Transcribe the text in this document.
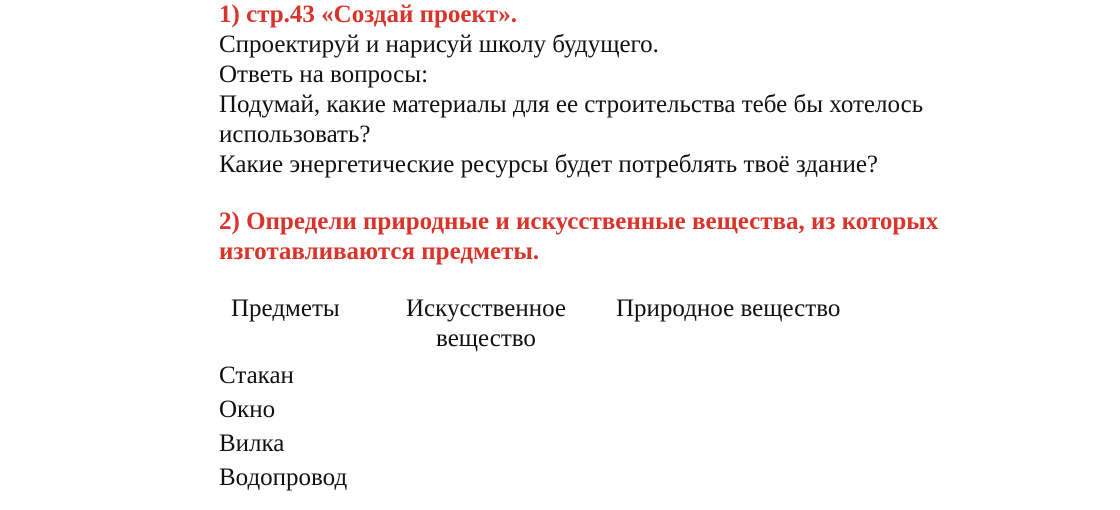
1) стр.43 «Создай проект».

Спроектируй и нарисуй школу будущего.

Ответь на вопросы:

Подумай, какие материалы для ее строительства тебе бы хотелось

использовать?

Какие энергетические ресурсы будет потреблять твоё здание?

2) Определи природные и искусственные вещества, из которых

изготавливаются предметы.

Предметы	Искусственное
вещество
Природное вещество
Стакан
Окно
Вилка
Водопровод
